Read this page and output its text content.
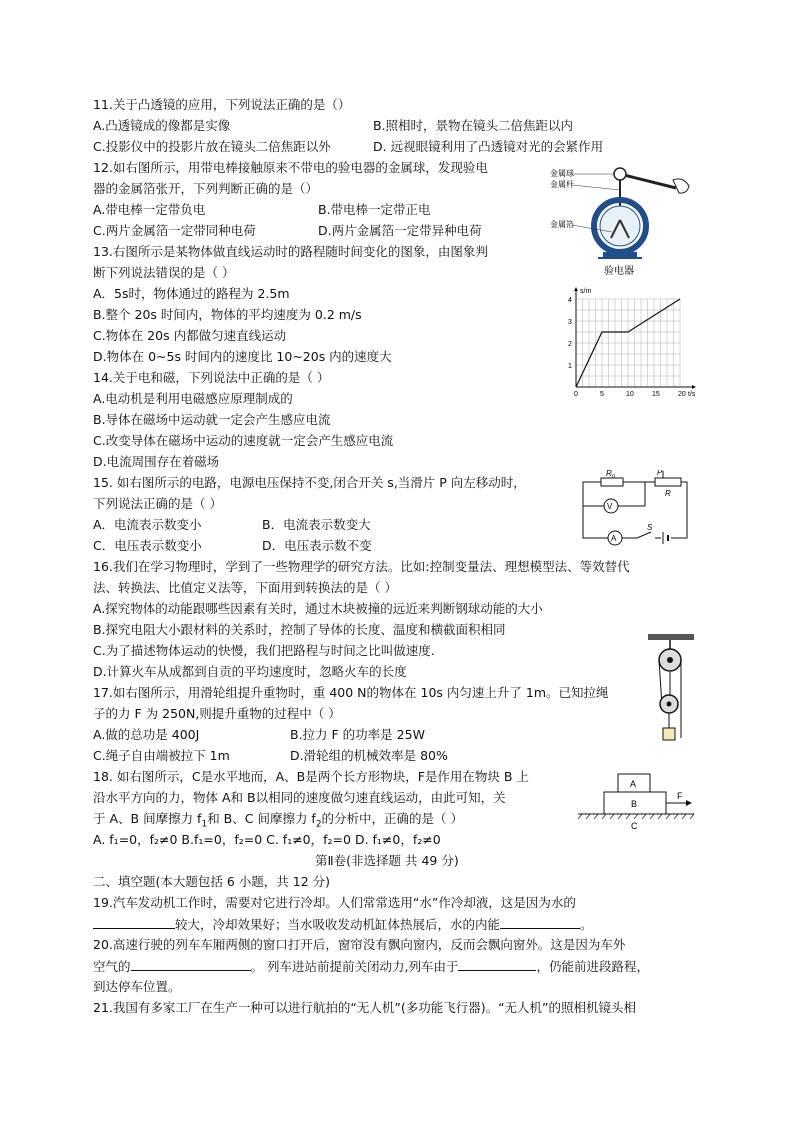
11.关于凸透镜的应用，下列说法正确的是（）
A.凸透镜成的像都是实像	B.照相时，景物在镜头二倍焦距以内
C.投影仪中的投影片放在镜头二倍焦距以外	D. 远视眼镜利用了凸透镜对光的会紧作用
12.如右图所示，用带电棒接触原来不带电的验电器的金属球，发现验电
器的金属箔张开，下列判断正确的是（）
A.带电棒一定带负电	B.带电棒一定带正电
C.两片金属箔一定带同种电荷	D.两片金属箔一定带异种电荷
金属球
金属杆
金属箔
验电器
13.右图所示是某物体做直线运动时的路程随时间变化的图象，由图象判
断下列说法错误的是（ ）
A．5s时，物体通过的路程为 2.5m
B.整个 20s 时间内，物体的平均速度为 0.2 m/s
C.物体在 20s 内都做匀速直线运动
D.物体在 0~5s 时间内的速度比 10~20s 内的速度大
0	5	10	15	20
1
2
3
4
s/m
t/s
14.关于电和磁，下列说法中正确的是（ ）
A.电动机是利用电磁感应原理制成的
B.导体在磁场中运动就一定会产生感应电流
C.改变导体在磁场中运动的速度就一定会产生感应电流
D.电流周围存在着磁场
15. 如右图所示的电路，电源电压保持不变,闭合开关 s,当滑片 P 向左移动时，
下列说法正确的是（ ）
A．电流表示数变小	B．电流表示数变大
C．电压表示数变小	D．电压表示数不变
R 0	P
R
V
A
S
16.我们在学习物理时，学到了一些物理学的研究方法。比如:控制变量法、理想模型法、等效替代
法、转换法、比值定义法等，下面用到转换法的是（ ）
A.探究物体的动能跟哪些因素有关时，通过木块被撞的远近来判断钢球动能的大小
B.探究电阻大小跟材料的关系时，控制了导体的长度、温度和横截面积相同
C.为了描述物体运动的快慢，我们把路程与时间之比叫做速度.
D.计算火车从成都到自贡的平均速度时，忽略火车的长度
17.如右图所示，用滑轮组提升重物时，重 400 N的物体在 10s 内匀速上升了 1m。已知拉绳
子的力 F 为 250N,则提升重物的过程中（ ）
A.做的总功是 400J	B.拉力 F 的功率是 25W
C.绳子自由端被拉下 1m	D.滑轮组的机械效率是 80%
18. 如右图所示，C是水平地而，A、B是两个长方形物块，F是作用在物块 B 上
沿水平方向的力，物体 A和 B以相同的速度做匀速直线运动，由此可知，关
于 A、B 间摩擦力 $f_1$和 B、C 间摩擦力 $f_2$的分析中，正确的是（ ）
A. f₁=0，f₂≠0 B.f₁=0，f₂=0 C. f₁≠0，f₂=0 D. f₁≠0，f₂≠0
A
B
F
C
第Ⅱ卷(非选择题 共 49 分)
二、填空题(本大题包括 6 小题，共 12 分)
19.汽车发动机工作时，需要对它进行冷却。人们常常选用“水”作冷却液，这是因为水的
较大，冷却效果好；当水吸收发动机缸体热展后，水的内能	。
20.高速行驶的列车车厢两侧的窗口打开后，窗帘没有飘向窗内，反而会飘向窗外。这是因为车外
空气的	。 列车进站前提前关闭动力,列车由于	，仍能前进段路程，
到达停车位置。
21.我国有多家工厂在生产一种可以进行航拍的“无人机”(多功能飞行器)。“无人机”的照相机镜头相
